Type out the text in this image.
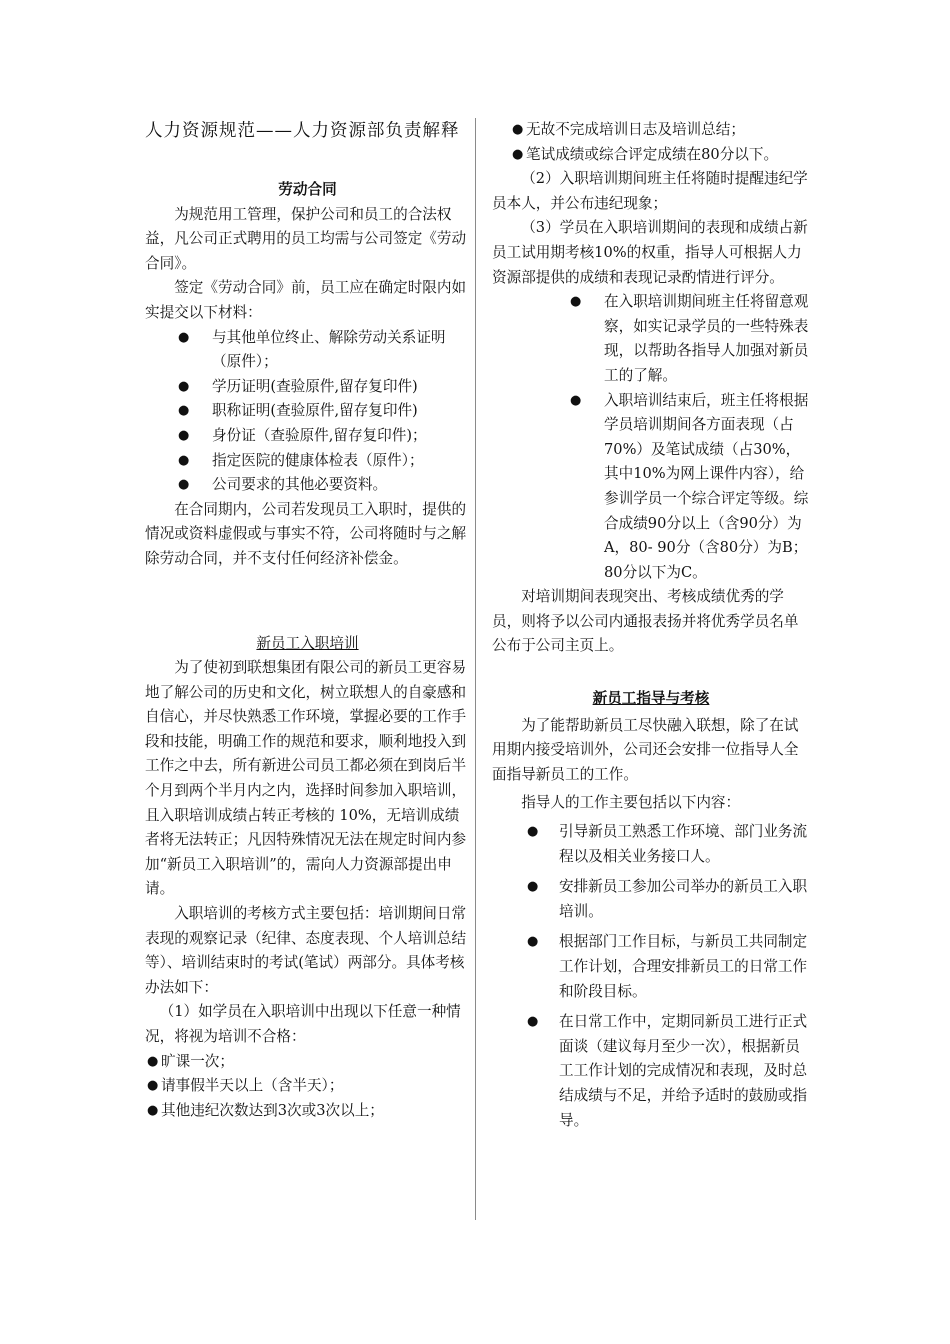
人力资源规范——人力资源部负责解释

劳动合同

为规范用工管理，保护公司和员工的合法权益，凡公司正式聘用的员工均需与公司签定《劳动合同》。

签定《劳动合同》前，员工应在确定时限内如实提交以下材料：

● 与其他单位终止、解除劳动关系证明（原件）；
● 学历证明(查验原件,留存复印件)
● 职称证明(查验原件,留存复印件)
● 身份证（查验原件,留存复印件)；
● 指定医院的健康体检表（原件）；
● 公司要求的其他必要资料。

在合同期内，公司若发现员工入职时，提供的情况或资料虚假或与事实不符，公司将随时与之解除劳动合同，并不支付任何经济补偿金。

新员工入职培训

为了使初到联想集团有限公司的新员工更容易地了解公司的历史和文化，树立联想人的自豪感和自信心，并尽快熟悉工作环境，掌握必要的工作手段和技能，明确工作的规范和要求，顺利地投入到工作之中去，所有新进公司员工都必须在到岗后半个月到两个半月内之内，选择时间参加入职培训，且入职培训成绩占转正考核的 10%，无培训成绩者将无法转正；凡因特殊情况无法在规定时间内参加“新员工入职培训”的，需向人力资源部提出申请。

入职培训的考核方式主要包括：培训期间日常表现的观察记录（纪律、态度表现、个人培训总结等）、培训结束时的考试(笔试）两部分。具体考核办法如下：

（1）如学员在入职培训中出现以下任意一种情况，将视为培训不合格：

● 旷课一次；
● 请事假半天以上（含半天）；
● 其他违纪次数达到3次或3次以上；
● 无故不完成培训日志及培训总结；
● 笔试成绩或综合评定成绩在80分以下。

（2）入职培训期间班主任将随时提醒违纪学员本人，并公布违纪现象；

（3）学员在入职培训期间的表现和成绩占新员工试用期考核10%的权重，指导人可根据人力资源部提供的成绩和表现记录酌情进行评分。

● 在入职培训期间班主任将留意观察，如实记录学员的一些特殊表现，以帮助各指导人加强对新员工的了解。
● 入职培训结束后，班主任将根据学员培训期间各方面表现（占70%）及笔试成绩（占30%，其中10%为网上课件内容），给参训学员一个综合评定等级。综合成绩90分以上（含90分）为A，80- 90分（含80分）为B；80分以下为C。

对培训期间表现突出、考核成绩优秀的学员，则将予以公司内通报表扬并将优秀学员名单公布于公司主页上。

新员工指导与考核

为了能帮助新员工尽快融入联想，除了在试用期内接受培训外，公司还会安排一位指导人全面指导新员工的工作。

指导人的工作主要包括以下内容：

● 引导新员工熟悉工作环境、部门业务流程以及相关业务接口人。
● 安排新员工参加公司举办的新员工入职培训。
● 根据部门工作目标，与新员工共同制定工作计划，合理安排新员工的日常工作和阶段目标。
● 在日常工作中，定期同新员工进行正式面谈（建议每月至少一次），根据新员工工作计划的完成情况和表现，及时总结成绩与不足，并给予适时的鼓励或指导。
